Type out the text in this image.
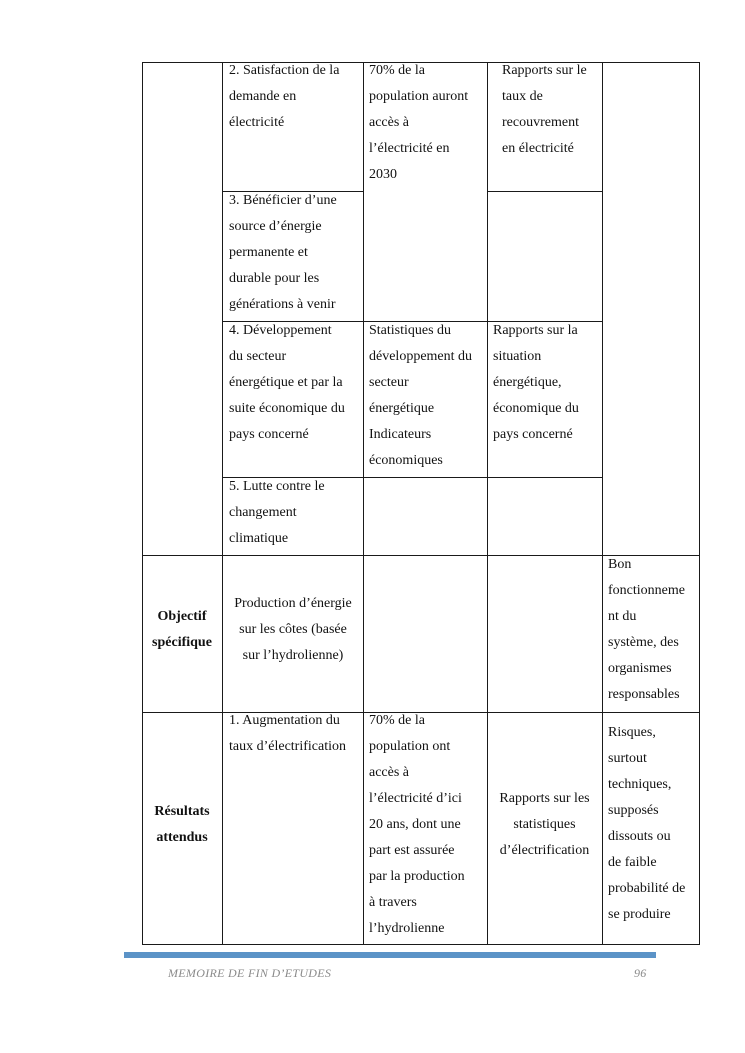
2. Satisfaction de la
demande en
électricité

70% de la
population auront
accès à
l’électricité en
2030

Rapports sur le
taux de
recouvrement
en électricité

3. Bénéficier d’une
source d’énergie
permanente et
durable pour les
générations à venir

4. Développement
du secteur
énergétique et par la
suite économique du
pays concerné

Statistiques du
développement du
secteur
énergétique
Indicateurs
économiques

Rapports sur la
situation
énergétique,
économique du
pays concerné

5. Lutte contre le
changement
climatique

Objectif
spécifique

Production d’énergie
sur les côtes (basée
sur l’hydrolienne)

Bon
fonctionneme
nt du
système, des
organismes
responsables

Résultats
attendus

1. Augmentation du
taux d’électrification

70% de la
population ont
accès à
l’électricité d’ici
20 ans, dont une
part est assurée
par la production
à travers
l’hydrolienne

Rapports sur les
statistiques
d’électrification

Risques,
surtout
techniques,
supposés
dissouts ou
de faible
probabilité de
se produire

MEMOIRE DE FIN D’ETUDES	96
